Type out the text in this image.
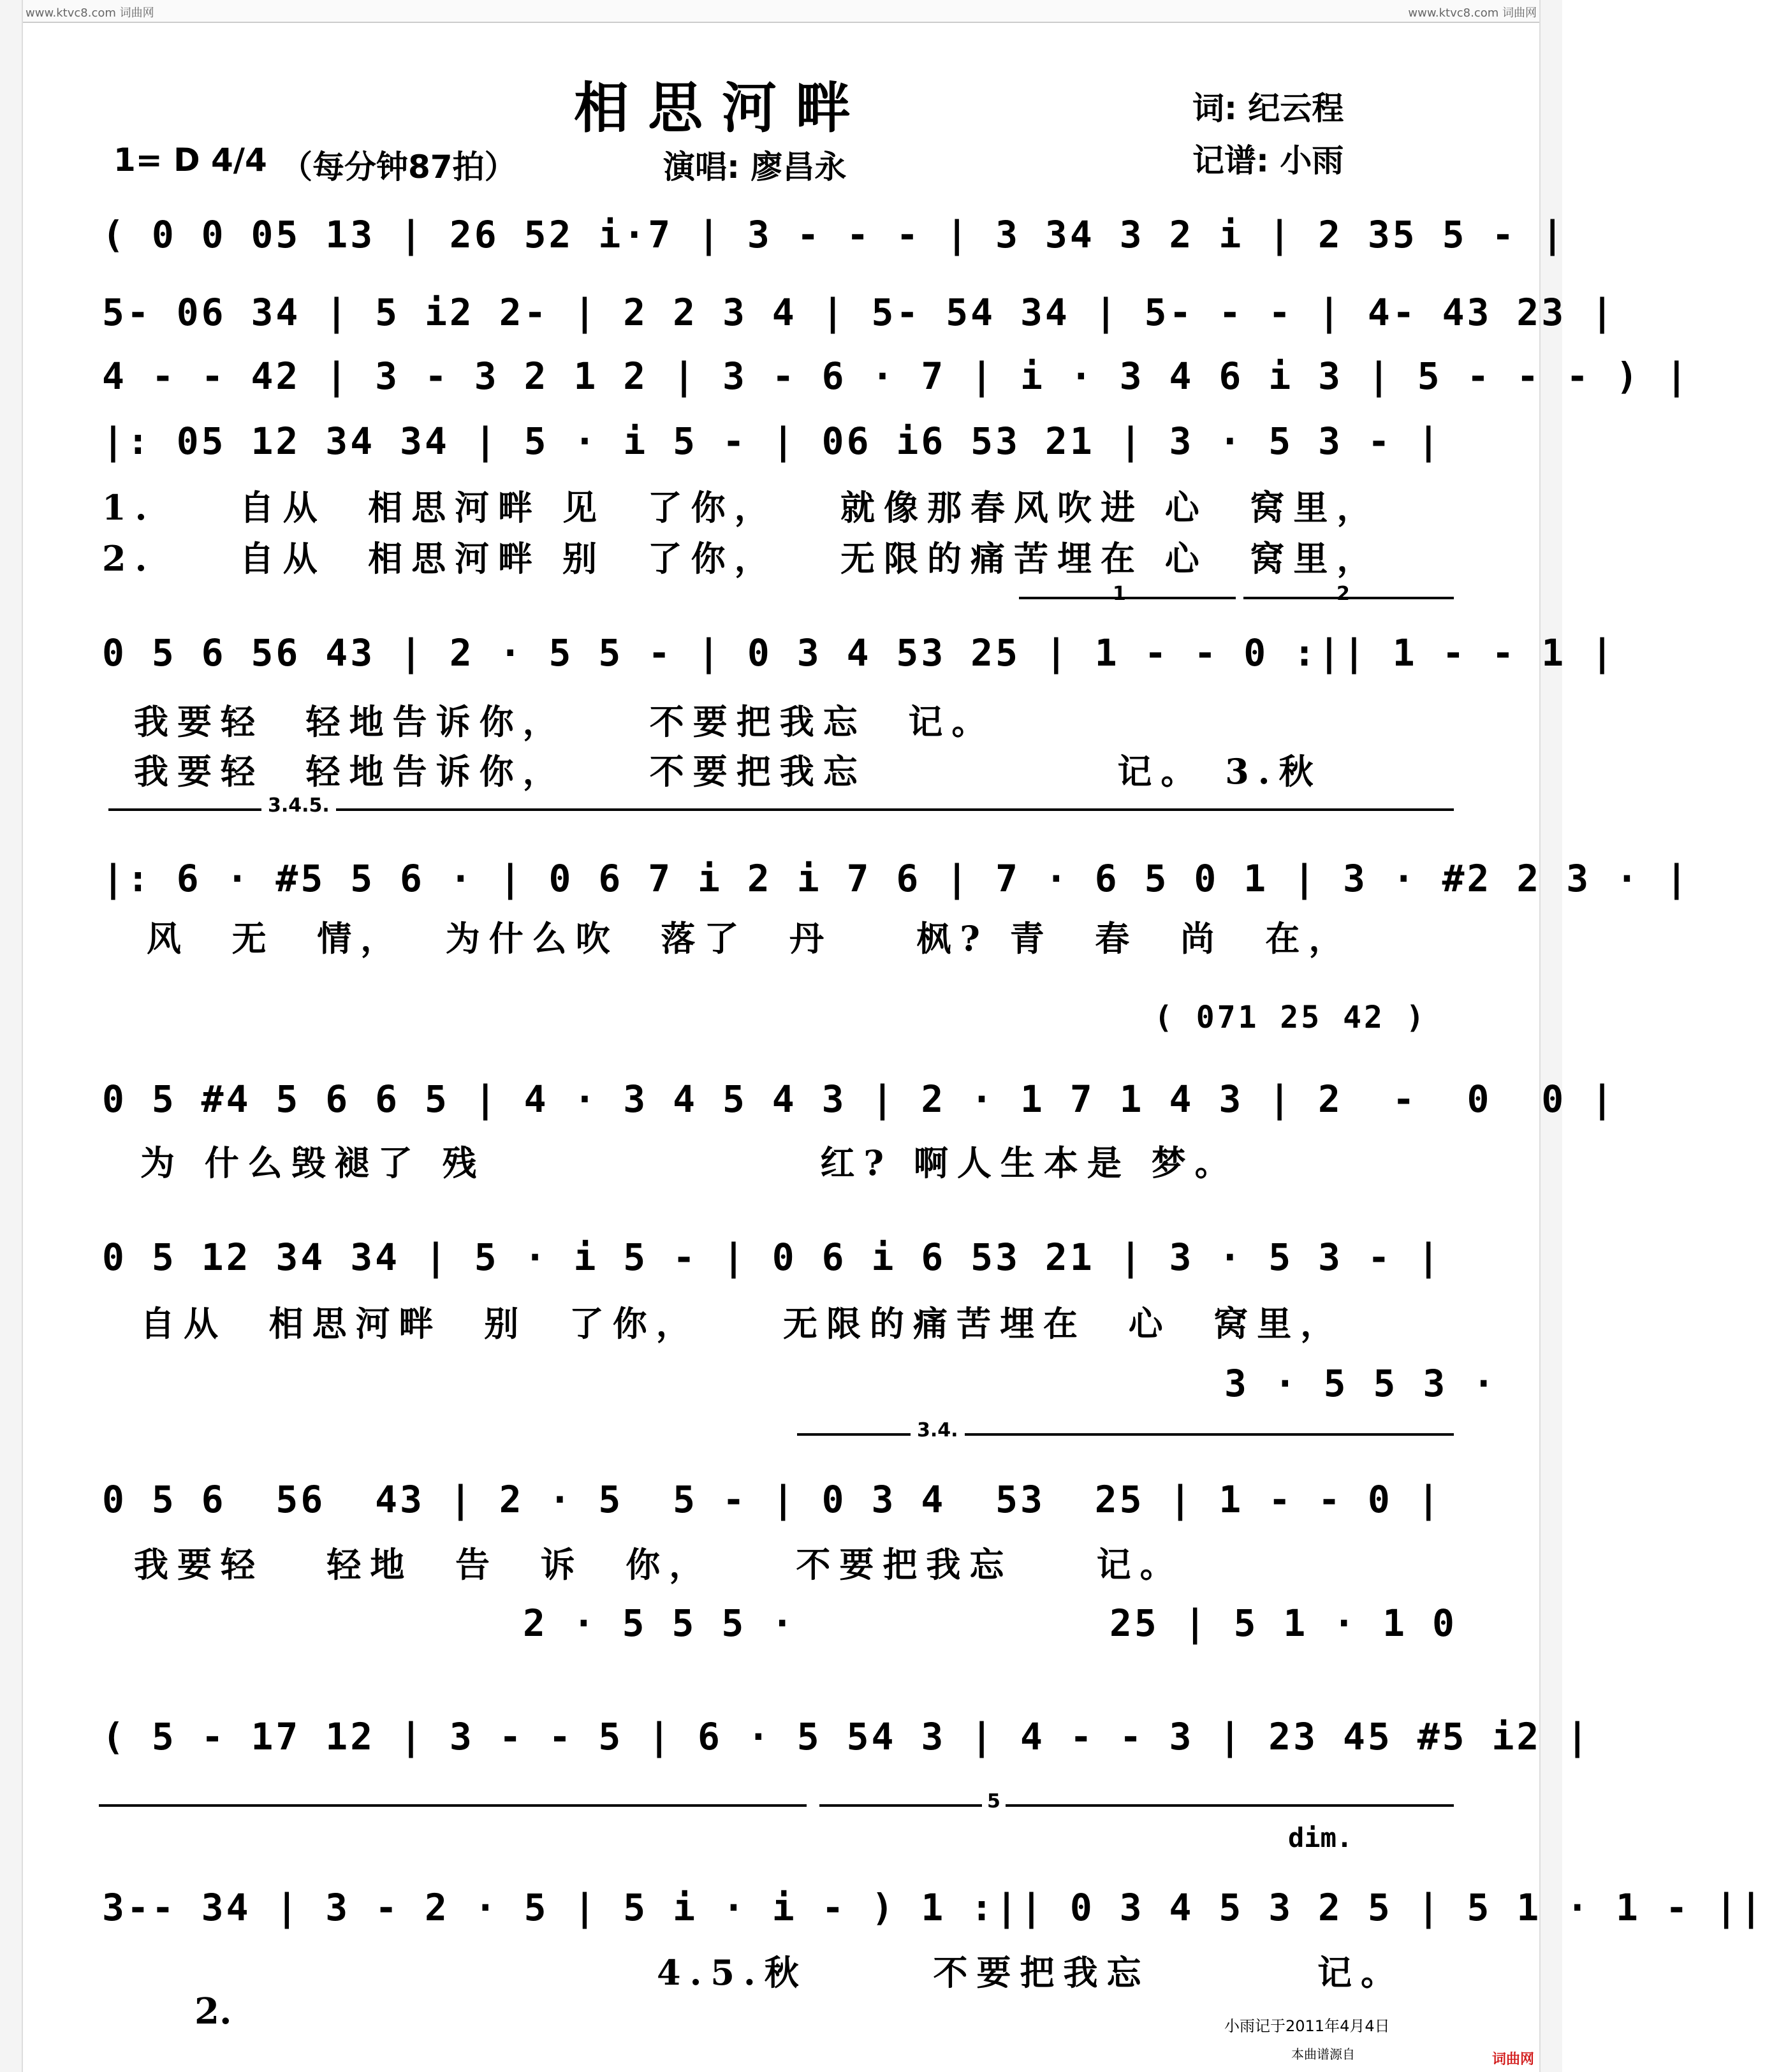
www.ktvc8.com 词曲网	www.ktvc8.com 词曲网
相思河畔	词: 纪云程
记谱: 小雨
1= D 4/4 （每分钟87拍）	演唱: 廖昌永
( 0 0 05 13 | 26 52 i·7 | 3 - - - | 3 34 3 2 i | 2 35 5 - |
5- 06 34 | 5 i2 2- | 2 2 3 4 | 5- 54 34 | 5- - - | 4- 43 23 |
4 - - 42 | 3 - 3 2 1 2 | 3 - 6 · 7 | i · 3 4 6 i 3 | 5 - - - ) |
|: 05 12 34 34 | 5 · i 5 - | 06 i6 53 21 | 3 · 5 3 - |
1.    自从  相思河畔 见  了你，   就像那春风吹进 心  窝里，
2.    自从  相思河畔 别  了你，   无限的痛苦埋在 心  窝里，
1	2
0 5 6 56 43 | 2 · 5 5 - | 0 3 4 53 25 | 1 - - 0 :|| 1 - - 1 |
我要轻  轻地告诉你，    不要把我忘  记。
我要轻  轻地告诉你，    不要把我忘            记。 3.秋
3.4.5.
|: 6 · #5 5 6 · | 0 6 7 i 2 i 7 6 | 7 · 6 5 0 1 | 3 · #2 2 3 · |
风  无  情，  为什么吹  落了  丹    枫? 青  春  尚  在，
( 071 25 42 )
0 5 #4 5 6 6 5 | 4 · 3 4 5 4 3 | 2 · 1 7 1 4 3 | 2  -  0  0 |
为 什么毁褪了 残                红? 啊人生本是 梦。
0 5 12 34 34 | 5 · i 5 - | 0 6 i 6 53 21 | 3 · 5 3 - |
自从  相思河畔  别  了你，    无限的痛苦埋在  心  窝里，
3 · 5 5 3 ·
3.4.
0 5 6  56  43 | 2 · 5  5 - | 0 3 4  53  25 | 1 - - 0 |
我要轻   轻地  告  诉  你，    不要把我忘    记。
2 · 5 5 5 ·	25 | 5 1 · 1 0
( 5 - 17 12 | 3 - - 5 | 6 · 5 54 3 | 4 - - 3 | 23 45 #5 i2 |
5
dim.
3-- 34 | 3 - 2 · 5 | 5 i · i - ) 1 :|| 0 3 4 5 3 2 5 | 5 1 · 1 - ||
4.5.秋      不要把我忘        记。
2.	小雨记于2011年4月4日
本曲谱源自	词曲网
